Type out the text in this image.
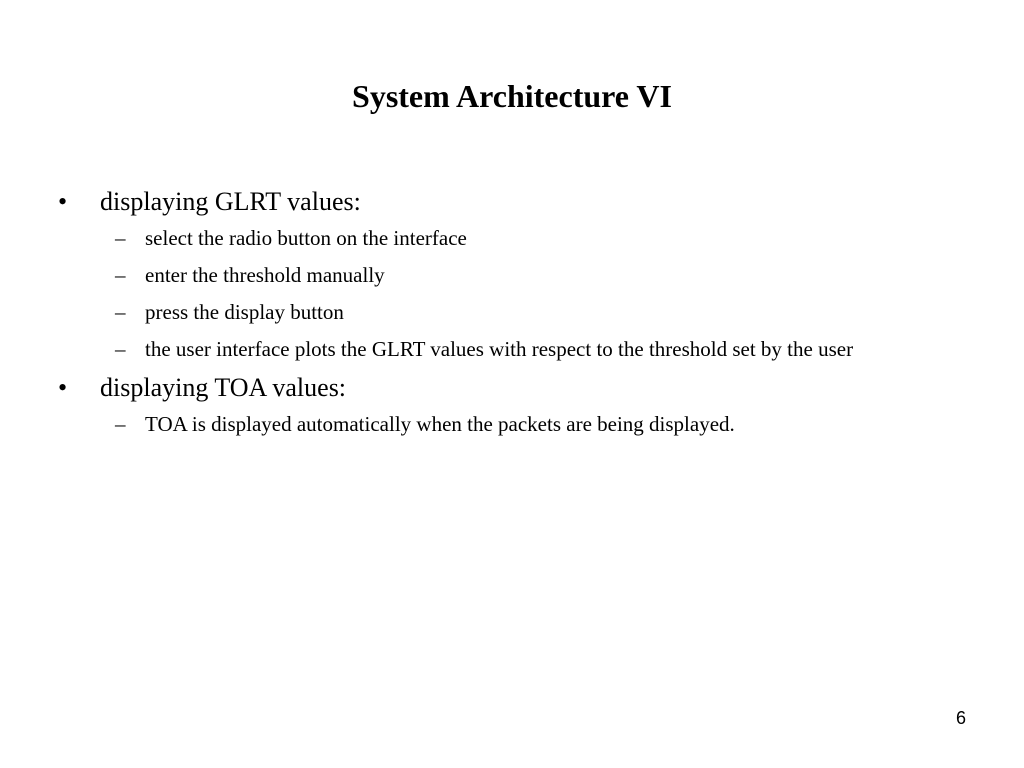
System Architecture VI
• displaying GLRT values:
– select the radio button on the interface
– enter the threshold manually
– press the display button
– the user interface plots the GLRT values with respect to the threshold set by the user
• displaying TOA values:
– TOA is displayed automatically when the packets are being displayed.
6
